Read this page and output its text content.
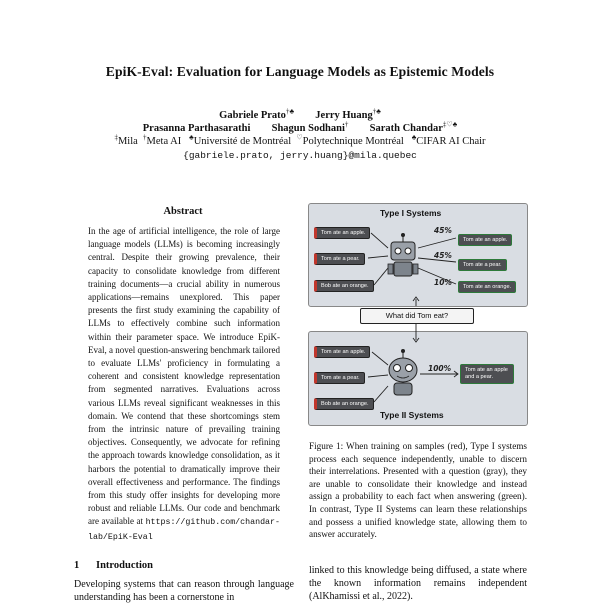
EpiK-Eval: Evaluation for Language Models as Epistemic Models
Gabriele Prato†♣ Jerry Huang†♣
Prasanna Parthasarathi Shagun Sodhani† Sarath Chandar‡♡♣
‡Mila †Meta AI ♣Université de Montréal ♡Polytechnique Montréal ♣CIFAR AI Chair
{gabriele.prato, jerry.huang}@mila.quebec
Abstract
In the age of artificial intelligence, the role of large language models (LLMs) is becoming increasingly central. Despite their growing prevalence, their capacity to consolidate knowledge from different training documents—a crucial ability in numerous applications—remains unexplored. This paper presents the first study examining the capability of LLMs to effectively combine such information within their parameter space. We introduce EpiK-Eval, a novel question-answering benchmark tailored to evaluate LLMs' proficiency in formulating a coherent and consistent knowledge representation from segmented narratives. Evaluations across various LLMs reveal significant weaknesses in this domain. We contend that these shortcomings stem from the intrinsic nature of prevailing training objectives. Consequently, we advocate for refining the approach towards knowledge consolidation, as it harbors the potential to dramatically improve their overall effectiveness and performance. The findings from this study offer insights for developing more robust and reliable LLMs. Our code and benchmark are available at https://github.com/chandar-lab/EpiK-Eval
Type I Systems
Tom ate an apple.
Tom ate a pear.
Bob ate an orange.
Tom ate an apple.
Tom ate a pear.
Tom ate an orange.
45%
45%
10%
What did Tom eat?
Tom ate an apple.
Tom ate a pear.
Bob ate an orange.
Tom ate an apple and a pear.
100%
Type II Systems
Figure 1: When training on samples (red), Type I systems process each sequence independently, unable to discern their interrelations. Presented with a question (gray), they are unable to consolidate their knowledge and instead assign a probability to each fact when answering (green). In contrast, Type II Systems can learn these relationships and possess a unified knowledge state, allowing them to answer accurately.
1 Introduction
Developing systems that can reason through language understanding has been a cornerstone in
linked to this knowledge being diffused, a state where the known information remains independent (AlKhamissi et al., 2022).
